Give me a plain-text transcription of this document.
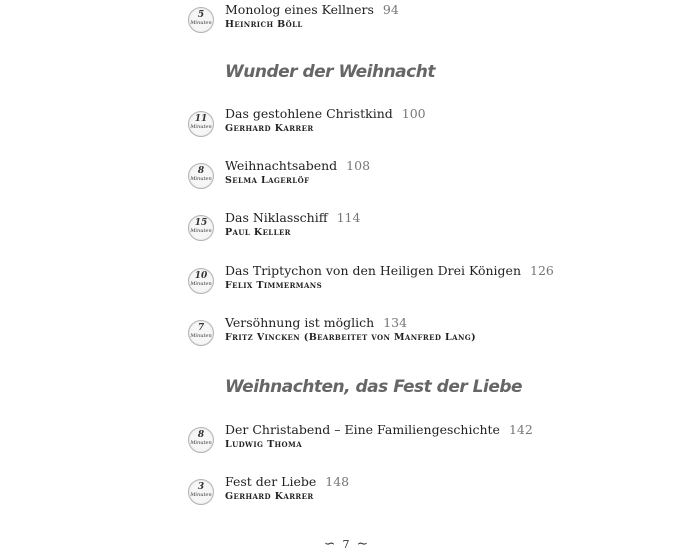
5
Minuten
Monolog eines Kellners 94
Heinrich Böll
Wunder der Weihnacht
11
Minuten
Das gestohlene Christkind 100
Gerhard Karrer
8
Minuten
Weihnachtsabend 108
Selma Lagerlöf
15
Minuten
Das Niklasschiff 114
Paul Keller
10
Minuten
Das Triptychon von den Heiligen Drei Königen 126
Felix Timmermans
7
Minuten
Versöhnung ist möglich 134
Fritz Vincken (Bearbeitet von Manfred Lang)
Weihnachten, das Fest der Liebe
8
Minuten
Der Christabend – Eine Familiengeschichte 142
Ludwig Thoma
3
Minuten
Fest der Liebe 148
Gerhard Karrer
∽ 7 ∼
